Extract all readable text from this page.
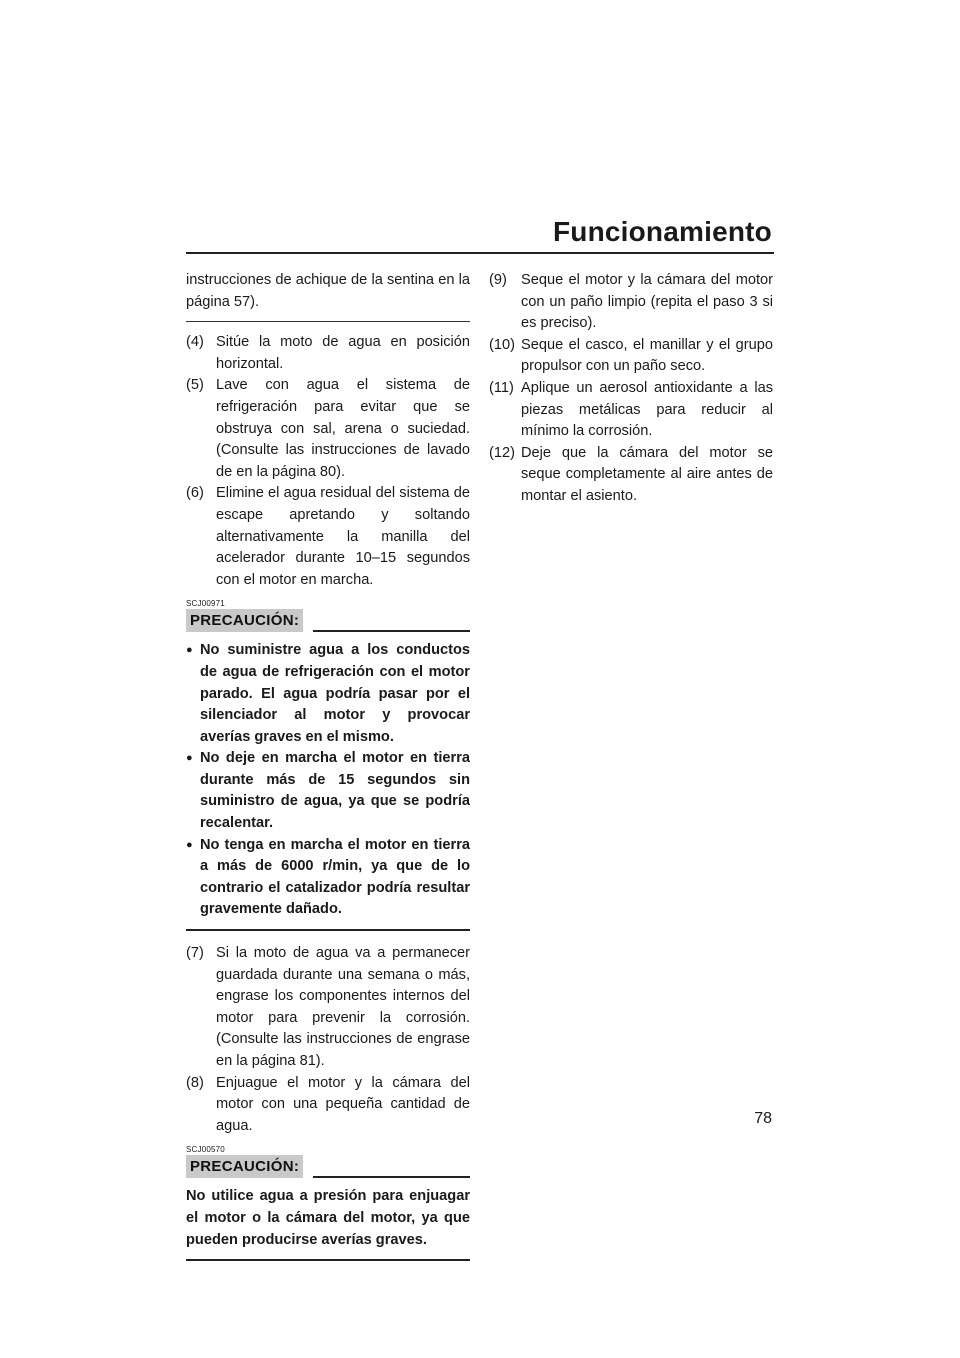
Funcionamiento

instrucciones de achique de la sentina en la página 57).

(4) Sitúe la moto de agua en posición horizontal.
(5) Lave con agua el sistema de refrigeración para evitar que se obstruya con sal, arena o suciedad. (Consulte las instrucciones de lavado de en la página 80).
(6) Elimine el agua residual del sistema de escape apretando y soltando alternativamente la manilla del acelerador durante 10–15 segundos con el motor en marcha.
SCJ00971
PRECAUCIÓN:
● No suministre agua a los conductos de agua de refrigeración con el motor parado. El agua podría pasar por el silenciador al motor y provocar averías graves en el mismo.
● No deje en marcha el motor en tierra durante más de 15 segundos sin suministro de agua, ya que se podría recalentar.
● No tenga en marcha el motor en tierra a más de 6000 r/min, ya que de lo contrario el catalizador podría resultar gravemente dañado.
(7) Si la moto de agua va a permanecer guardada durante una semana o más, engrase los componentes internos del motor para prevenir la corrosión. (Consulte las instrucciones de engrase en la página 81).
(8) Enjuague el motor y la cámara del motor con una pequeña cantidad de agua.
SCJ00570
PRECAUCIÓN:

No utilice agua a presión para enjuagar el motor o la cámara del motor, ya que pueden producirse averías graves.

(9) Seque el motor y la cámara del motor con un paño limpio (repita el paso 3 si es preciso).
(10) Seque el casco, el manillar y el grupo propulsor con un paño seco.
(11) Aplique un aerosol antioxidante a las piezas metálicas para reducir al mínimo la corrosión.
(12) Deje que la cámara del motor se seque completamente al aire antes de montar el asiento.
78
